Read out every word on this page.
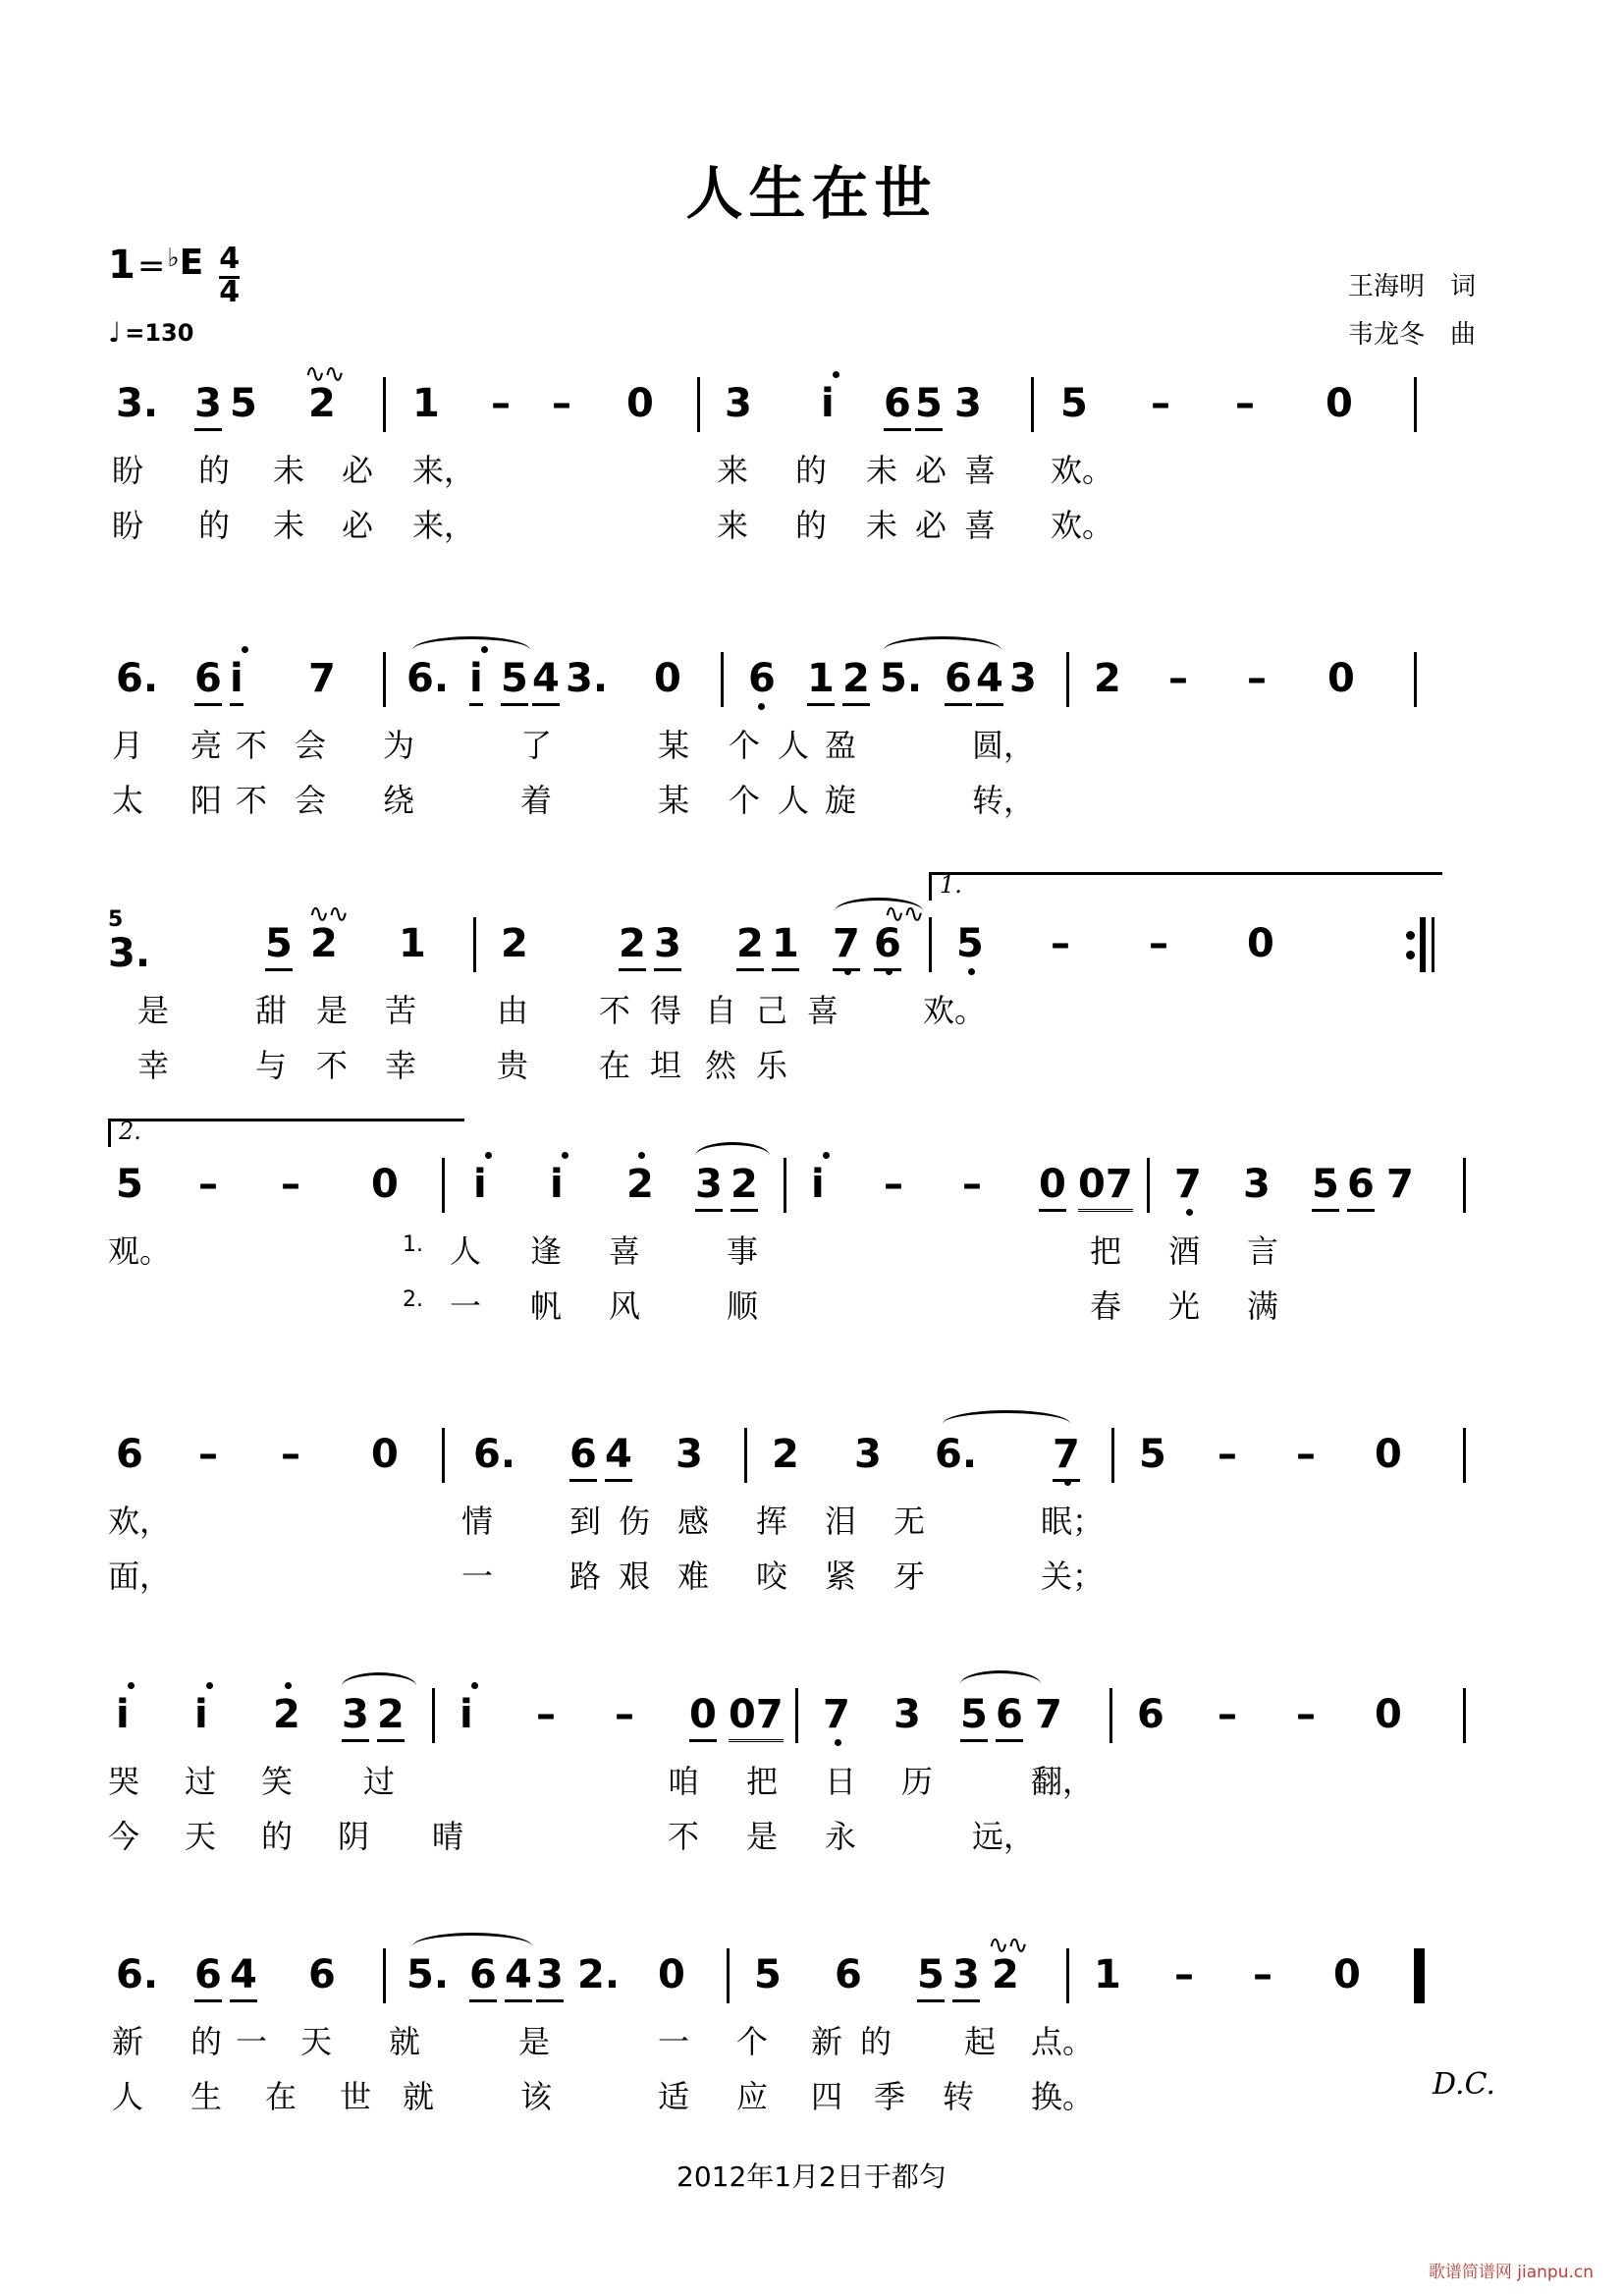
人生在世
1 = ♭ E 4
4
♩ =130
王海明 词
韦龙冬 曲
3. 3 5
∿∿
2 1 – – 0 3 i 6 5 3 5 – – 0
盼 的 未 必 来，	来 的 未 必 喜 欢。
盼 的 未 必 来，	来 的 未 必 喜 欢。
6. 6 i 7 6. i 5 4 3. 0 6 1 2 5. 6 4 3 2 – – 0
月 亮 不 会 为	了	某 个 人 盈	圆，
太 阳 不 会 绕	着	某 个 人 旋	转，
5
3.	5
∿∿
2 1 2 2 3 2 1
∿∿
7 6
1.
5 – – 0
是	甜 是 苦	由 不 得 自 己 喜	欢。
幸	与 不 幸	贵 在 坦 然 乐
2.
5 – – 0 i i 2 3 2 i – – 0 07 7 3 5 6 7
观。	1. 人 逢 喜	事	把 酒 言
2. 一 帆 风	顺	春 光 满
6 – – 0 6. 6 4 3 2 3 6. 7 5 – – 0
欢，	情 到 伤 感 挥 泪 无	眠；
面，	一 路 艰 难 咬 紧 牙	关；
i i 2 3 2 i – – 0 07 7 3 5 6 7 6 – – 0
哭 过 笑 过	咱 把 日 历	翻，
今 天 的 阴 晴	不 是 永	远，
6. 6 4 6 5. 6 4 3 2. 0 5 6 5 3
∿∿
2 1 – – 0
新 的 一 天 就	是	一 个 新 的 起 点。
人 生 在 世 就	该	适 应 四 季 转 换。	D.C.
2012年1月2日于都匀
歌谱简谱网 jianpu.cn
